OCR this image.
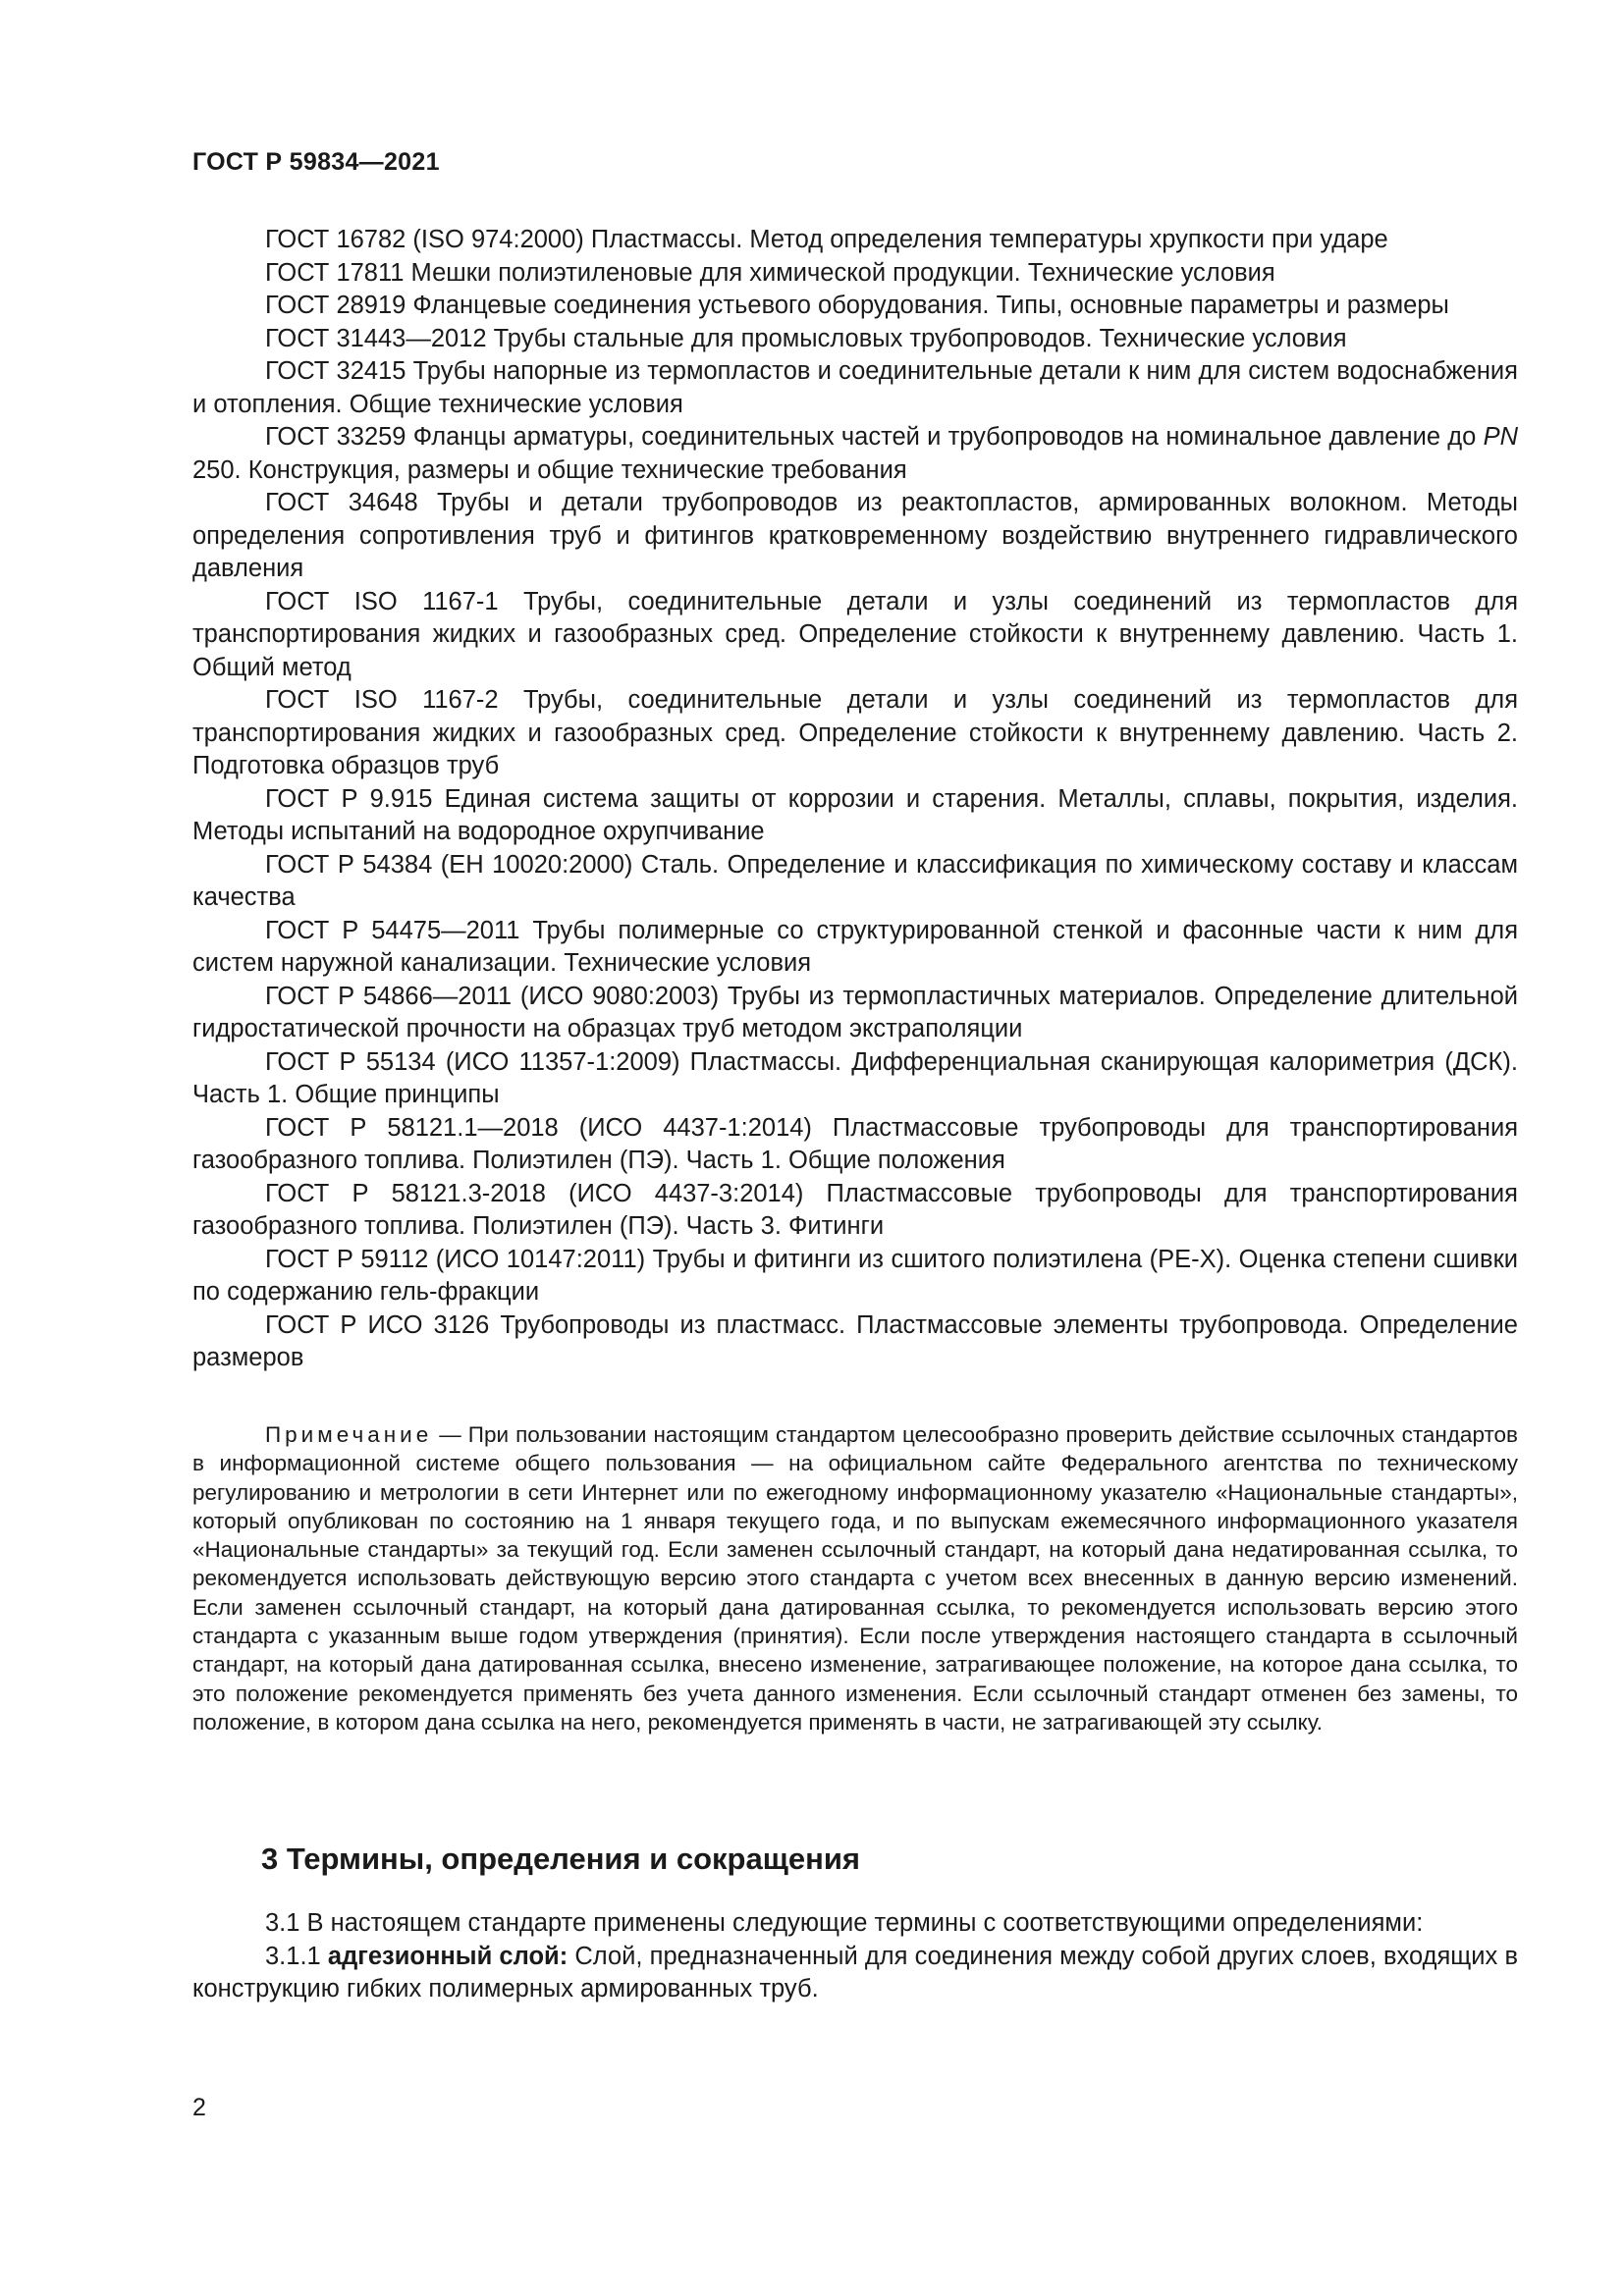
ГОСТ Р 59834—2021

ГОСТ 16782 (ISO 974:2000) Пластмассы. Метод определения температуры хрупкости при ударе

ГОСТ 17811 Мешки полиэтиленовые для химической продукции. Технические условия

ГОСТ 28919 Фланцевые соединения устьевого оборудования. Типы, основные параметры и размеры

ГОСТ 31443—2012 Трубы стальные для промысловых трубопроводов. Технические условия

ГОСТ 32415 Трубы напорные из термопластов и соединительные детали к ним для систем водоснабжения и отопления. Общие технические условия

ГОСТ 33259 Фланцы арматуры, соединительных частей и трубопроводов на номинальное давление до PN 250. Конструкция, размеры и общие технические требования

ГОСТ 34648 Трубы и детали трубопроводов из реактопластов, армированных волокном. Методы определения сопротивления труб и фитингов кратковременному воздействию внутреннего гидравлического давления

ГОСТ ISO 1167-1 Трубы, соединительные детали и узлы соединений из термопластов для транспортирования жидких и газообразных сред. Определение стойкости к внутреннему давлению. Часть 1. Общий метод

ГОСТ ISO 1167-2 Трубы, соединительные детали и узлы соединений из термопластов для транспортирования жидких и газообразных сред. Определение стойкости к внутреннему давлению. Часть 2. Подготовка образцов труб

ГОСТ Р 9.915 Единая система защиты от коррозии и старения. Металлы, сплавы, покрытия, изделия. Методы испытаний на водородное охрупчивание

ГОСТ Р 54384 (ЕН 10020:2000) Сталь. Определение и классификация по химическому составу и классам качества

ГОСТ Р 54475—2011 Трубы полимерные со структурированной стенкой и фасонные части к ним для систем наружной канализации. Технические условия

ГОСТ Р 54866—2011 (ИСО 9080:2003) Трубы из термопластичных материалов. Определение длительной гидростатической прочности на образцах труб методом экстраполяции

ГОСТ Р 55134 (ИСО 11357-1:2009) Пластмассы. Дифференциальная сканирующая калориметрия (ДСК). Часть 1. Общие принципы

ГОСТ Р 58121.1—2018 (ИСО 4437-1:2014) Пластмассовые трубопроводы для транспортирования газообразного топлива. Полиэтилен (ПЭ). Часть 1. Общие положения

ГОСТ Р 58121.3-2018 (ИСО 4437-3:2014) Пластмассовые трубопроводы для транспортирования газообразного топлива. Полиэтилен (ПЭ). Часть 3. Фитинги

ГОСТ Р 59112 (ИСО 10147:2011) Трубы и фитинги из сшитого полиэтилена (PE-X). Оценка степени сшивки по содержанию гель-фракции

ГОСТ Р ИСО 3126 Трубопроводы из пластмасс. Пластмассовые элементы трубопровода. Определение размеров

Примечание — При пользовании настоящим стандартом целесообразно проверить действие ссылочных стандартов в информационной системе общего пользования — на официальном сайте Федерального агентства по техническому регулированию и метрологии в сети Интернет или по ежегодному информационному указателю «Национальные стандарты», который опубликован по состоянию на 1 января текущего года, и по выпускам ежемесячного информационного указателя «Национальные стандарты» за текущий год. Если заменен ссылочный стандарт, на который дана недатированная ссылка, то рекомендуется использовать действующую версию этого стандарта с учетом всех внесенных в данную версию изменений. Если заменен ссылочный стандарт, на который дана датированная ссылка, то рекомендуется использовать версию этого стандарта с указанным выше годом утверждения (принятия). Если после утверждения настоящего стандарта в ссылочный стандарт, на который дана датированная ссылка, внесено изменение, затрагивающее положение, на которое дана ссылка, то это положение рекомендуется применять без учета данного изменения. Если ссылочный стандарт отменен без замены, то положение, в котором дана ссылка на него, рекомендуется применять в части, не затрагивающей эту ссылку.

3 Термины, определения и сокращения

3.1 В настоящем стандарте применены следующие термины с соответствующими определениями:

3.1.1 адгезионный слой: Слой, предназначенный для соединения между собой других слоев, входящих в конструкцию гибких полимерных армированных труб.

2
